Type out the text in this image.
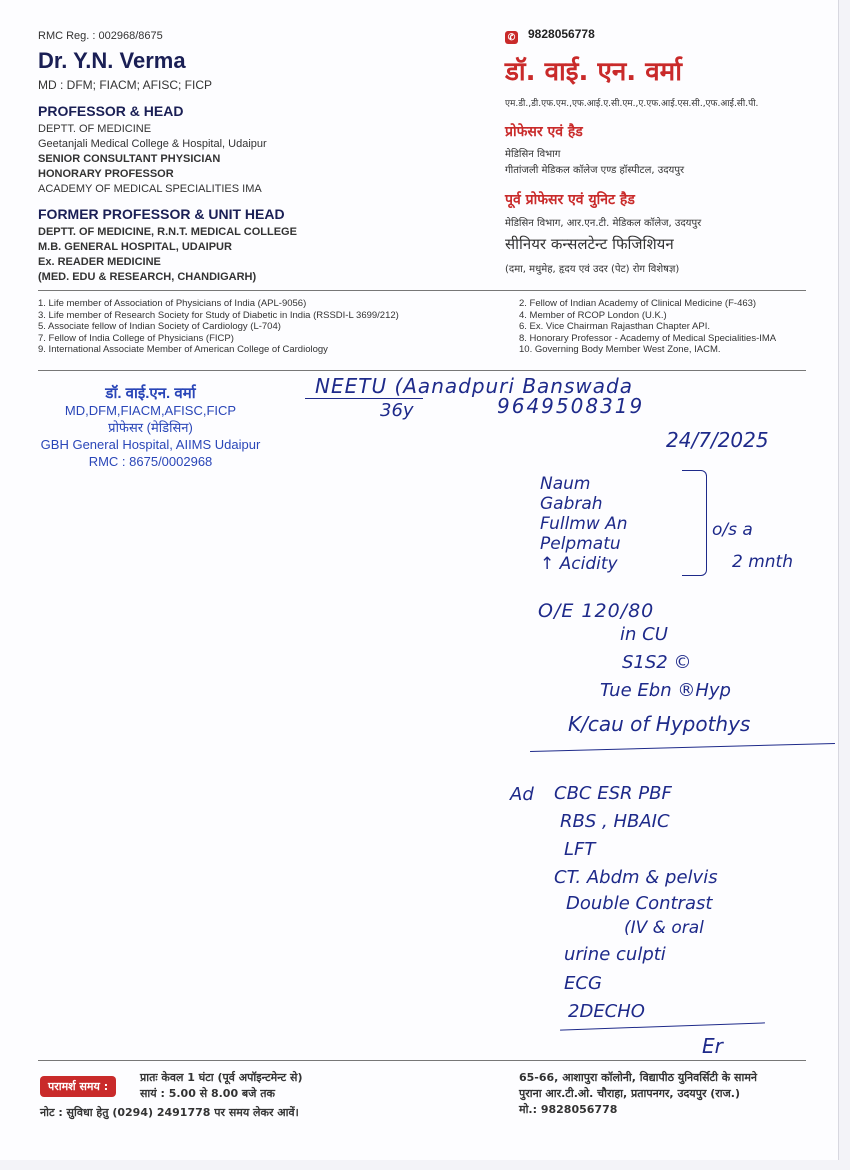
RMC Reg. : 002968/8675
Dr. Y.N. Verma
MD : DFM; FIACM; AFISC; FICP
PROFESSOR & HEAD
DEPTT. OF MEDICINE
Geetanjali Medical College & Hospital, Udaipur
SENIOR CONSULTANT PHYSICIAN
HONORARY PROFESSOR
ACADEMY OF MEDICAL SPECIALITIES IMA
FORMER PROFESSOR & UNIT HEAD
DEPTT. OF MEDICINE, R.N.T. MEDICAL COLLEGE
M.B. GENERAL HOSPITAL, UDAIPUR
Ex. READER MEDICINE
(MED. EDU & RESEARCH, CHANDIGARH)
✆ 9828056778
डॉ. वाई. एन. वर्मा
एम.डी.,डी.एफ.एम.,एफ.आई.ए.सी.एम.,ए.एफ.आई.एस.सी.,एफ.आई.सी.पी.
प्रोफेसर एवं हैड
मेडिसिन विभाग
गीतांजली मेडिकल कॉलेज एण्ड हॉस्पीटल, उदयपुर
पूर्व प्रोफेसर एवं युनिट हैड
मेडिसिन विभाग, आर.एन.टी. मेडिकल कॉलेज, उदयपुर
सीनियर कन्सलटेन्ट फिजिशियन
(दमा, मधुमेह, हृदय एवं उदर (पेट) रोग विशेषज्ञ)
1. Life member of Association of Physicians of India (APL-9056)
3. Life member of Research Society for Study of Diabetic in India (RSSDI-L 3699/212)
5. Associate fellow of Indian Society of Cardiology (L-704)
7. Fellow of India College of Physicians (FICP)
9. International Associate Member of American College of Cardiology
2. Fellow of Indian Academy of Clinical Medicine (F-463)
4. Member of RCOP London (U.K.)
6. Ex. Vice Chairman Rajasthan Chapter API.
8. Honorary Professor - Academy of Medical Specialities-IMA
10. Governing Body Member West Zone, IACM.
डॉ. वाई.एन. वर्मा
MD,DFM,FIACM,AFISC,FICP
प्रोफेसर (मेडिसिन)
GBH General Hospital, AIIMS Udaipur
RMC : 8675/0002968
NEETU (Aanadpuri Banswada
36y	9649508319
24/7/2025
Naum
Gabrah
Fullmw An
Pelpmatu
↑ Acidity
o/s a
2 mnth
O/E 120/80
in CU
S1S2 ©
Tue Ebn ®Hyp
K/cau of Hypothys
Ad CBC ESR PBF
RBS , HBAIC
LFT
CT. Abdm & pelvis
Double Contrast
(IV & oral
urine culpti
ECG
2DECHO
Er
परामर्श समय :
प्रातः केवल 1 घंटा (पूर्व अपॉइन्टमेन्ट से)
सायं : 5.00 से 8.00 बजे तक
नोट : सुविधा हेतु (0294) 2491778 पर समय लेकर आवें।
65-66, आशापुरा कॉलोनी, विद्यापीठ युनिवर्सिटी के सामने
पुराना आर.टी.ओ. चौराहा, प्रतापनगर, उदयपुर (राज.)
मो.: 9828056778
